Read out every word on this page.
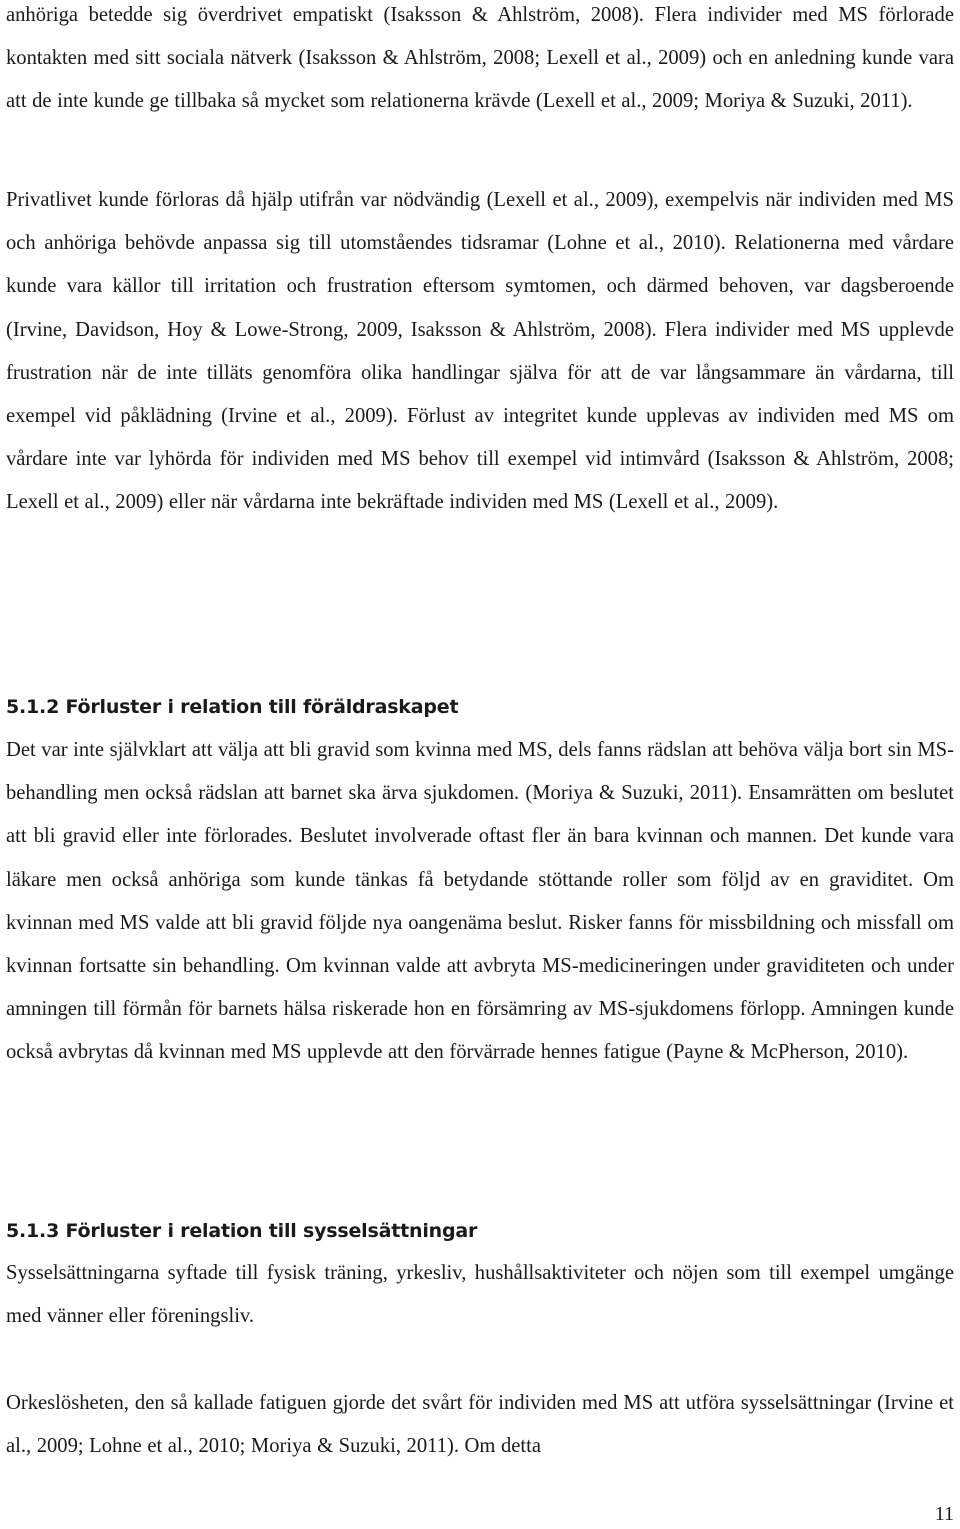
anhöriga betedde sig överdrivet empatiskt (Isaksson & Ahlström, 2008). Flera individer med MS förlorade kontakten med sitt sociala nätverk (Isaksson & Ahlström, 2008; Lexell et al., 2009) och en anledning kunde vara att de inte kunde ge tillbaka så mycket som relationerna krävde (Lexell et al., 2009; Moriya & Suzuki, 2011).

Privatlivet kunde förloras då hjälp utifrån var nödvändig (Lexell et al., 2009), exempelvis när individen med MS och anhöriga behövde anpassa sig till utomståendes tidsramar (Lohne et al., 2010). Relationerna med vårdare kunde vara källor till irritation och frustration eftersom symtomen, och därmed behoven, var dagsberoende (Irvine, Davidson, Hoy & Lowe-Strong, 2009, Isaksson & Ahlström, 2008). Flera individer med MS upplevde frustration när de inte tilläts genomföra olika handlingar själva för att de var långsammare än vårdarna, till exempel vid påklädning (Irvine et al., 2009). Förlust av integritet kunde upplevas av individen med MS om vårdare inte var lyhörda för individen med MS behov till exempel vid intimvård (Isaksson & Ahlström, 2008; Lexell et al., 2009) eller när vårdarna inte bekräftade individen med MS (Lexell et al., 2009).

5.1.2 Förluster i relation till föräldraskapet

Det var inte självklart att välja att bli gravid som kvinna med MS, dels fanns rädslan att behöva välja bort sin MS-behandling men också rädslan att barnet ska ärva sjukdomen. (Moriya & Suzuki, 2011). Ensamrätten om beslutet att bli gravid eller inte förlorades. Beslutet involverade oftast fler än bara kvinnan och mannen. Det kunde vara läkare men också anhöriga som kunde tänkas få betydande stöttande roller som följd av en graviditet. Om kvinnan med MS valde att bli gravid följde nya oangenäma beslut. Risker fanns för missbildning och missfall om kvinnan fortsatte sin behandling. Om kvinnan valde att avbryta MS-medicineringen under graviditeten och under amningen till förmån för barnets hälsa riskerade hon en försämring av MS-sjukdomens förlopp. Amningen kunde också avbrytas då kvinnan med MS upplevde att den förvärrade hennes fatigue (Payne & McPherson, 2010).

5.1.3 Förluster i relation till sysselsättningar

Sysselsättningarna syftade till fysisk träning, yrkesliv, hushållsaktiviteter och nöjen som till exempel umgänge med vänner eller föreningsliv.

Orkeslösheten, den så kallade fatiguen gjorde det svårt för individen med MS att utföra sysselsättningar (Irvine et al., 2009; Lohne et al., 2010; Moriya & Suzuki, 2011). Om detta

11
